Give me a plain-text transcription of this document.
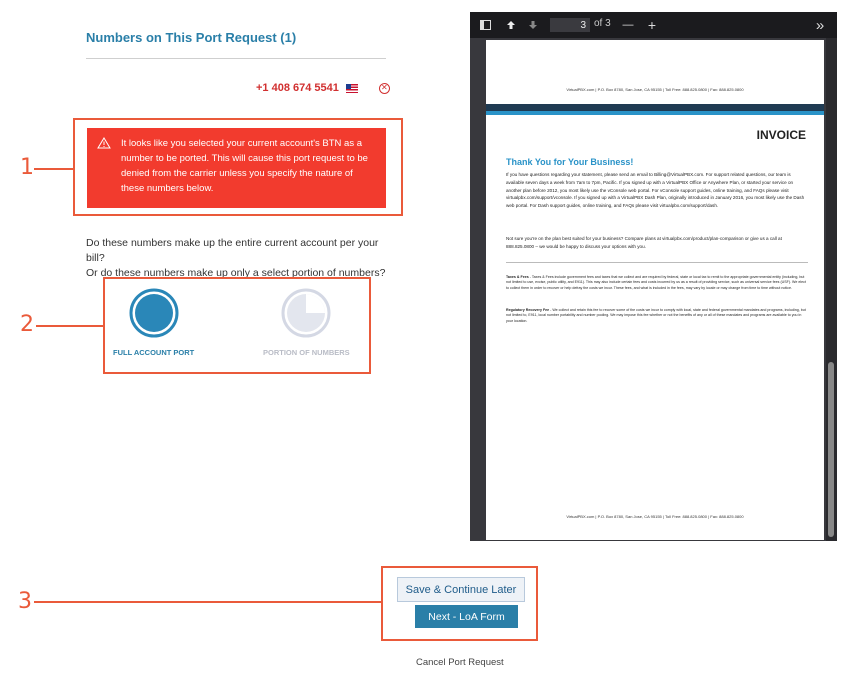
Numbers on This Port Request (1)
+1 408 674 5541	✕
1
It looks like you selected your current account's BTN as a number to be ported. This will cause this port request to be denied from the carrier unless you specify the nature of these numbers below.
Do these numbers make up the entire current account per your bill?
Or do these numbers make up only a select portion of numbers?
2
FULL ACCOUNT PORT	PORTION OF NUMBERS
3
of 3 — +	»
VirtualPBX.com | P.O. Box 8780, San Jose, CA 95155 | Toll Free: 888.825.0800 | Fax: 888.825.0800
INVOICE
Thank You for Your Business!
If you have questions regarding your statement, please send an email to Billing@VirtualPBX.com. For support related questions, our team is available seven days a week from 7am to 7pm, Pacific. If you signed up with a VirtualPBX Office or Anywhere Plan, or started your service on another plan before 2012, you most likely use the vConsole web portal. For vConsole support guides, online training, and FAQs please visit virtualpbx.com/support/vconsole. If you signed up with a VirtualPBX Dash Plan, originally introduced in January 2016, you most likely use the Dash web portal. For Dash support guides, online training, and FAQs please visit virtualpbx.com/support/dash.
Not sure you're on the plan best suited for your business? Compare plans at virtualpbx.com/product/plan-comparison or give us a call at 888.825.0800 – we would be happy to discuss your options with you.
Taxes & Fees - Taxes & Fees include government fees and taxes that we collect and are required by federal, state or local tax to remit to the appropriate governmental entity (including, but not limited to use, excise, public utility, and E911). This may also include certain fees and costs incurred by us as a result of providing service, such as universal service fees (USF). We elect to collect them in order to recover or help defray the costs we incur. These fees, and what is included in the fees, may vary by locale or may change from time to time without notice.
Regulatory Recovery Fee - We collect and retain this fee to recover some of the costs we incur to comply with local, state and federal governmental mandates and programs, including, but not limited to, E911, local number portability and number pooling. We may impose this fee whether or not the benefits of any or all of these mandates and programs are available to you in your location.
VirtualPBX.com | P.O. Box 8780, San Jose, CA 95155 | Toll Free: 888.825.0800 | Fax: 888.825.0800
3	Save & Continue Later
Next - LoA Form
Cancel Port Request
